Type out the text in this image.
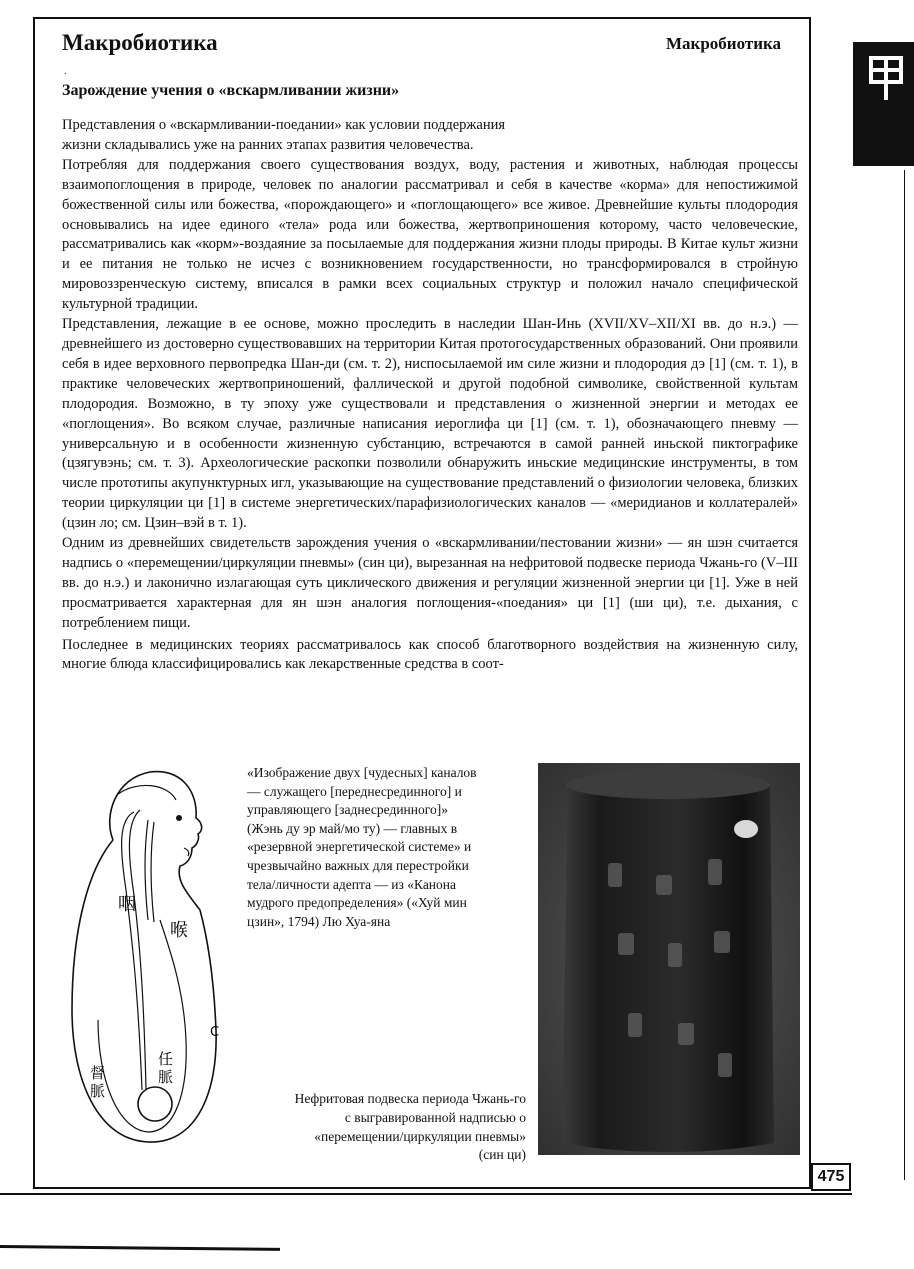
Макробиотика	Макробиотика
.
Зарождение учения о «вскармливании жизни»

Представления о «вскармливании-поедании» как условии поддержания

жизни складывались уже на ранних этапах развития человечества.

Потребляя для поддержания своего существования воздух, воду, растения и животных, наблюдая процессы взаимопоглощения в природе, человек по аналогии рассматривал и себя в качестве «корма» для непостижимой божественной силы или божества, «порождающего» и «поглощающего» все живое. Древнейшие культы плодородия основывались на идее единого «тела» рода или божества, жертвоприношения которому, часто человеческие, рассматривались как «корм»-воздаяние за посылаемые для поддержания жизни плоды природы. В Китае культ жизни и ее питания не только не исчез с возникновением государственности, но трансформировался в стройную мировоззренческую систему, вписался в рамки всех социальных структур и положил начало специфической культурной традиции.

Представления, лежащие в ее основе, можно проследить в наследии Шан-Инь (XVII/XV–XII/XI вв. до н.э.) — древнейшего из достоверно существовавших на территории Китая протогосударственных образований. Они проявили себя в идее верховного первопредка Шан-ди (см. т. 2), ниспосылаемой им силе жизни и плодородия дэ [1] (см. т. 1), в практике человеческих жертвоприношений, фаллической и другой подобной символике, свойственной культам плодородия. Возможно, в ту эпоху уже существовали и представления о жизненной энергии и методах ее «поглощения». Во всяком случае, различные написания иероглифа ци [1] (см. т. 1), обозначающего пневму — универсальную и в особенности жизненную субстанцию, встречаются в самой ранней иньской пиктографике (цзягувэнь; см. т. 3). Археологические раскопки позволили обнаружить иньские медицинские инструменты, в том числе прототипы акупунктурных игл, указывающие на существование представлений о физиологии человека, близких теории циркуляции ци [1] в системе энергетических/парафизиологических каналов — «меридианов и коллатералей» (цзин ло; см. Цзин–вэй в т. 1).

Одним из древнейших свидетельств зарождения учения о «вскармливании/пестовании жизни» — ян шэн считается надпись о «перемещении/циркуляции пневмы» (син ци), вырезанная на нефритовой подвеске периода Чжань-го (V–III вв. до н.э.) и лаконично излагающая суть циклического движения и регуляции жизненной энергии ци [1]. Уже в ней просматривается характерная для ян шэн аналогия поглощения-«поедания» ци [1] (ши ци), т.е. дыхания, с потреблением пищи.

Последнее в медицинских теориях рассматривалось как способ благотворного воздействия на жизненную силу, многие блюда классифицировались как лекарственные средства в соот-

咽
喉
督
脈
任
脈
C
«Изображение двух [чудесных] каналов — служащего [переднесрединного] и управляющего [заднесрединного]» (Жэнь ду эр май/мо ту) — главных в «резервной энергетической системе» и чрезвычайно важных для перестройки тела/личности адепта — из «Канона мудрого предопределения» («Хуй мин цзин», 1794) Лю Хуа-яна
Нефритовая подвеска периода Чжань-го с выгравированной надписью о «перемещении/циркуляции пневмы» (син ци)
475
